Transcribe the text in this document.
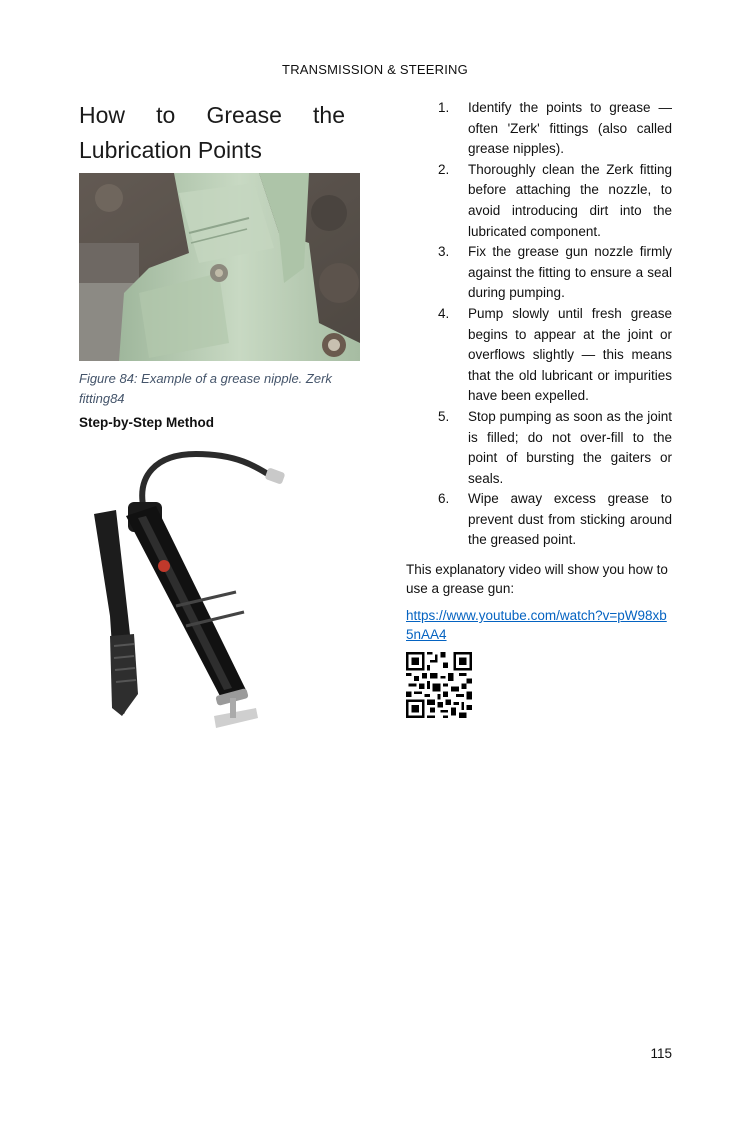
TRANSMISSION & STEERING
How to Grease the Lubrication Points
Figure 84: Example of a grease nipple. Zerk fitting84
Step-by-Step Method
1.	Identify the points to grease — often 'Zerk' fittings (also called grease nipples).
2.	Thoroughly clean the Zerk fitting before attaching the nozzle, to avoid introducing dirt into the lubricated component.
3.	Fix the grease gun nozzle firmly against the fitting to ensure a seal during pumping.
4.	Pump slowly until fresh grease begins to appear at the joint or overflows slightly — this means that the old lubricant or impurities have been expelled.
5.	Stop pumping as soon as the joint is filled; do not over-fill to the point of bursting the gaiters or seals.
6.	Wipe away excess grease to prevent dust from sticking around the greased point.
This explanatory video will show you how to use a grease gun:
https://www.youtube.com/watch?v=pW98xb5nAA4
115
